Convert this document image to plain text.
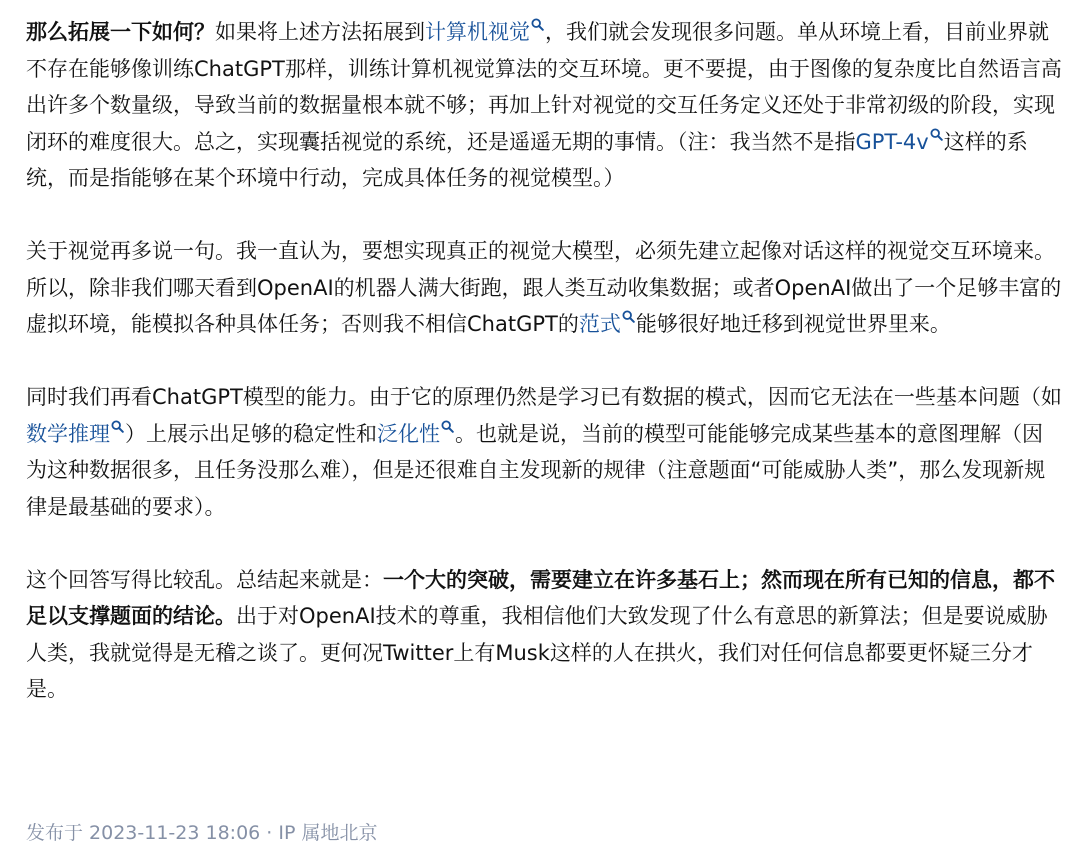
那么拓展一下如何？如果将上述方法拓展到计算机视觉 ，我们就会发现很多问题。单从环境上看，目前业界就不存在能够像训练ChatGPT那样，训练计算机视觉算法的交互环境。更不要提，由于图像的复杂度比自然语言高出许多个数量级，导致当前的数据量根本就不够；再加上针对视觉的交互任务定义还处于非常初级的阶段，实现闭环的难度很大。总之，实现囊括视觉的系统，还是遥遥无期的事情。（注：我当然不是指GPT-4v 这样的系统，而是指能够在某个环境中行动，完成具体任务的视觉模型。）

关于视觉再多说一句。我一直认为，要想实现真正的视觉大模型，必须先建立起像对话这样的视觉交互环境来。所以，除非我们哪天看到OpenAI的机器人满大街跑，跟人类互动收集数据；或者OpenAI做出了一个足够丰富的虚拟环境，能模拟各种具体任务；否则我不相信ChatGPT的范式 能够很好地迁移到视觉世界里来。

同时我们再看ChatGPT模型的能力。由于它的原理仍然是学习已有数据的模式，因而它无法在一些基本问题（如数学推理 ）上展示出足够的稳定性和泛化性 。也就是说，当前的模型可能能够完成某些基本的意图理解（因为这种数据很多，且任务没那么难），但是还很难自主发现新的规律（注意题面“可能威胁人类”，那么发现新规律是最基础的要求）。

这个回答写得比较乱。总结起来就是：一个大的突破，需要建立在许多基石上；然而现在所有已知的信息，都不足以支撑题面的结论。出于对OpenAI技术的尊重，我相信他们大致发现了什么有意思的新算法；但是要说威胁人类，我就觉得是无稽之谈了。更何况Twitter上有Musk这样的人在拱火，我们对任何信息都要更怀疑三分才是。

发布于 2023-11-23 18:06 · IP 属地北京
